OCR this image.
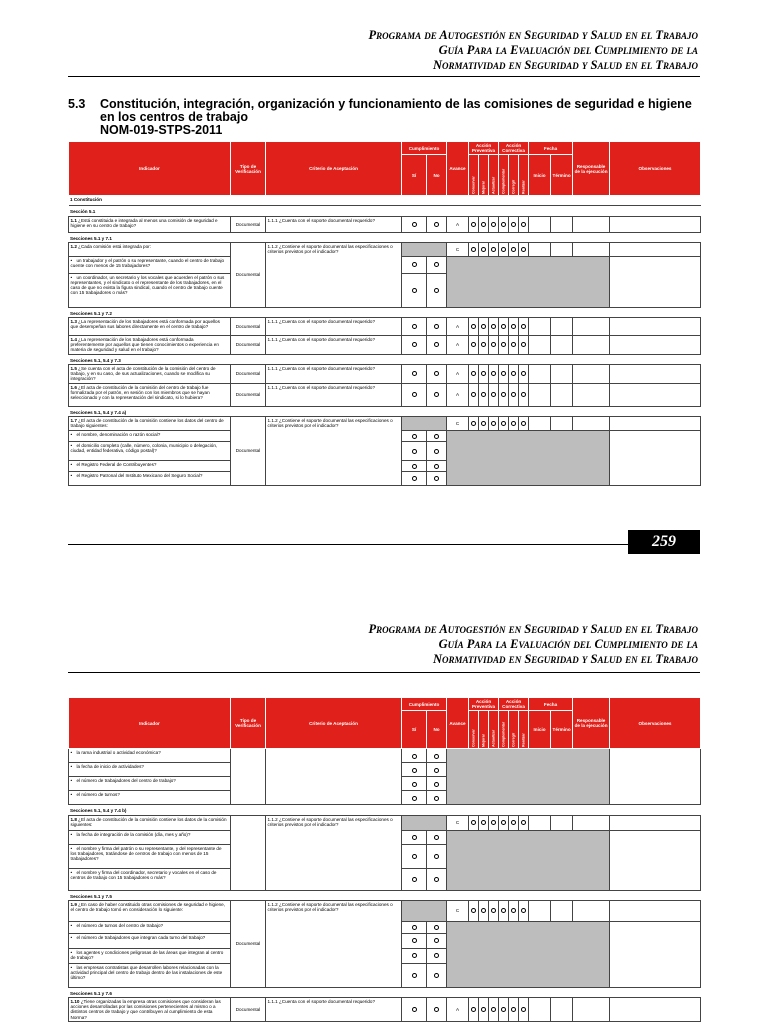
Programa de Autogestión en Seguridad y Salud en el Trabajo
Guía Para la Evaluación del Cumplimiento de la
Normatividad en Seguridad y Salud en el Trabajo
5.3	Constitución, integración, organización y funcionamiento de las comisiones de seguridad e higiene en los centros de trabajo
NOM-019-STPS-2011
Indicador	Tipo de Verificación	Criterio de Aceptación	Cumplimiento		Avance	Acción Preventiva			Acción Correctiva			Fecha		Responsable de la ejecución	Observaciones
			Sí	No		Conservar	Mejorar	Actualizar	Complementar	Corregir	Realizar	Inicio	Término		
1 Constitución															
Sección 5.1															
1.1 ¿Está constituida e integrada al menos una comisión de seguridad e higiene en su centro de trabajo?	Documental	1.1.1 ¿Cuenta con el soporte documental requerido?			A										
Secciones 5.1 y 7.1															
1.2 ¿Cada comisión está integrada por:	Documental	1.1.2 ¿Contiene el soporte documental las especificaciones o criterios previstos por el indicador?			C										
• un trabajador y el patrón o su representante, cuando el centro de trabajo cuente con menos de 15 trabajadores?															
• un coordinador, un secretario y los vocales que acuerden el patrón o sus representantes, y el sindicato o el representante de los trabajadores, en el caso de que no exista la figura sindical, cuando el centro de trabajo cuente con 15 trabajadores o más?															
Secciones 5.1 y 7.2															
1.3 ¿La representación de los trabajadores está conformada por aquellos que desempeñan sus labores directamente en el centro de trabajo?	Documental	1.1.1 ¿Cuenta con el soporte documental requerido?			A										
1.4 ¿La representación de los trabajadores está conformada preferentemente por aquellos que tienen conocimientos o experiencia en materia de seguridad y salud en el trabajo?	Documental	1.1.1 ¿Cuenta con el soporte documental requerido?			A										
Secciones 5.1, 5.4 y 7.3															
1.5 ¿Se cuenta con el acta de constitución de la comisión del centro de trabajo, y en su caso, de sus actualizaciones, cuando se modifica su integración?	Documental	1.1.1 ¿Cuenta con el soporte documental requerido?			A										
1.6 ¿El acta de constitución de la comisión del centro de trabajo fue formalizada por el patrón, en sesión con los miembros que se hayan seleccionado y con la representación del sindicato, si lo hubiera?	Documental	1.1.1 ¿Cuenta con el soporte documental requerido?			A										
Secciones 5.1, 5.4 y 7.4 a)															
1.7 ¿El acta de constitución de la comisión contiene los datos del centro de trabajo siguientes:	Documental	1.1.2 ¿Contiene el soporte documental las especificaciones o criterios previstos por el indicador?			C										
• el nombre, denominación o razón social?															
• el domicilio completo (calle, número, colonia, municipio o delegación, ciudad, entidad federativa, código postal)?															
• el Registro Federal de Contribuyentes?															
• el Registro Patronal del Instituto Mexicano del Seguro Social?															
259
Programa de Autogestión en Seguridad y Salud en el Trabajo
Guía Para la Evaluación del Cumplimiento de la
Normatividad en Seguridad y Salud en el Trabajo
Indicador	Tipo de Verificación	Criterio de Aceptación	Cumplimiento		Avance	Acción Preventiva			Acción Correctiva			Fecha		Responsable de la ejecución	Observaciones
			Sí	No		Conservar	Mejorar	Actualizar	Complementar	Corregir	Realizar	Inicio	Término		
• la rama industrial o actividad económica?															
• la fecha de inicio de actividades?															
• el número de trabajadores del centro de trabajo?															
• el número de turnos?															
Secciones 5.1, 5.4 y 7.4 b)															
1.8 ¿El acta de constitución de la comisión contiene los datos de la comisión siguientes:		1.1.2 ¿Contiene el soporte documental las especificaciones o criterios previstos por el indicador?			C										
• la fecha de integración de la comisión (día, mes y año)?															
• el nombre y firma del patrón o su representante, y del representante de los trabajadores, tratándose de centros de trabajo con menos de 15 trabajadores?															
• el nombre y firma del coordinador, secretario y vocales en el caso de centros de trabajo con 15 trabajadores o más?															
Secciones 5.1 y 7.5															
1.9 ¿En caso de haber constituido otras comisiones de seguridad e higiene, el centro de trabajo tomó en consideración lo siguiente:	Documental	1.1.2 ¿Contiene el soporte documental las especificaciones o criterios previstos por el indicador?			C										
• el número de turnos del centro de trabajo?															
• el número de trabajadores que integran cada turno del trabajo?															
• los agentes y condiciones peligrosas de las áreas que integran al centro de trabajo?															
• las empresas contratistas que desarrollen labores relacionadas con la actividad principal del centro de trabajo dentro de las instalaciones de este último?															
Secciones 5.1 y 7.6															
1.10 ¿Tiene organizadas la empresa otras comisiones que consideran las acciones desarrolladas por las comisiones pertenecientes al mismo o a distintos centros de trabajo y que contribuyen al cumplimiento de esta Norma?	Documental	1.1.1 ¿Cuenta con el soporte documental requerido?			A										
